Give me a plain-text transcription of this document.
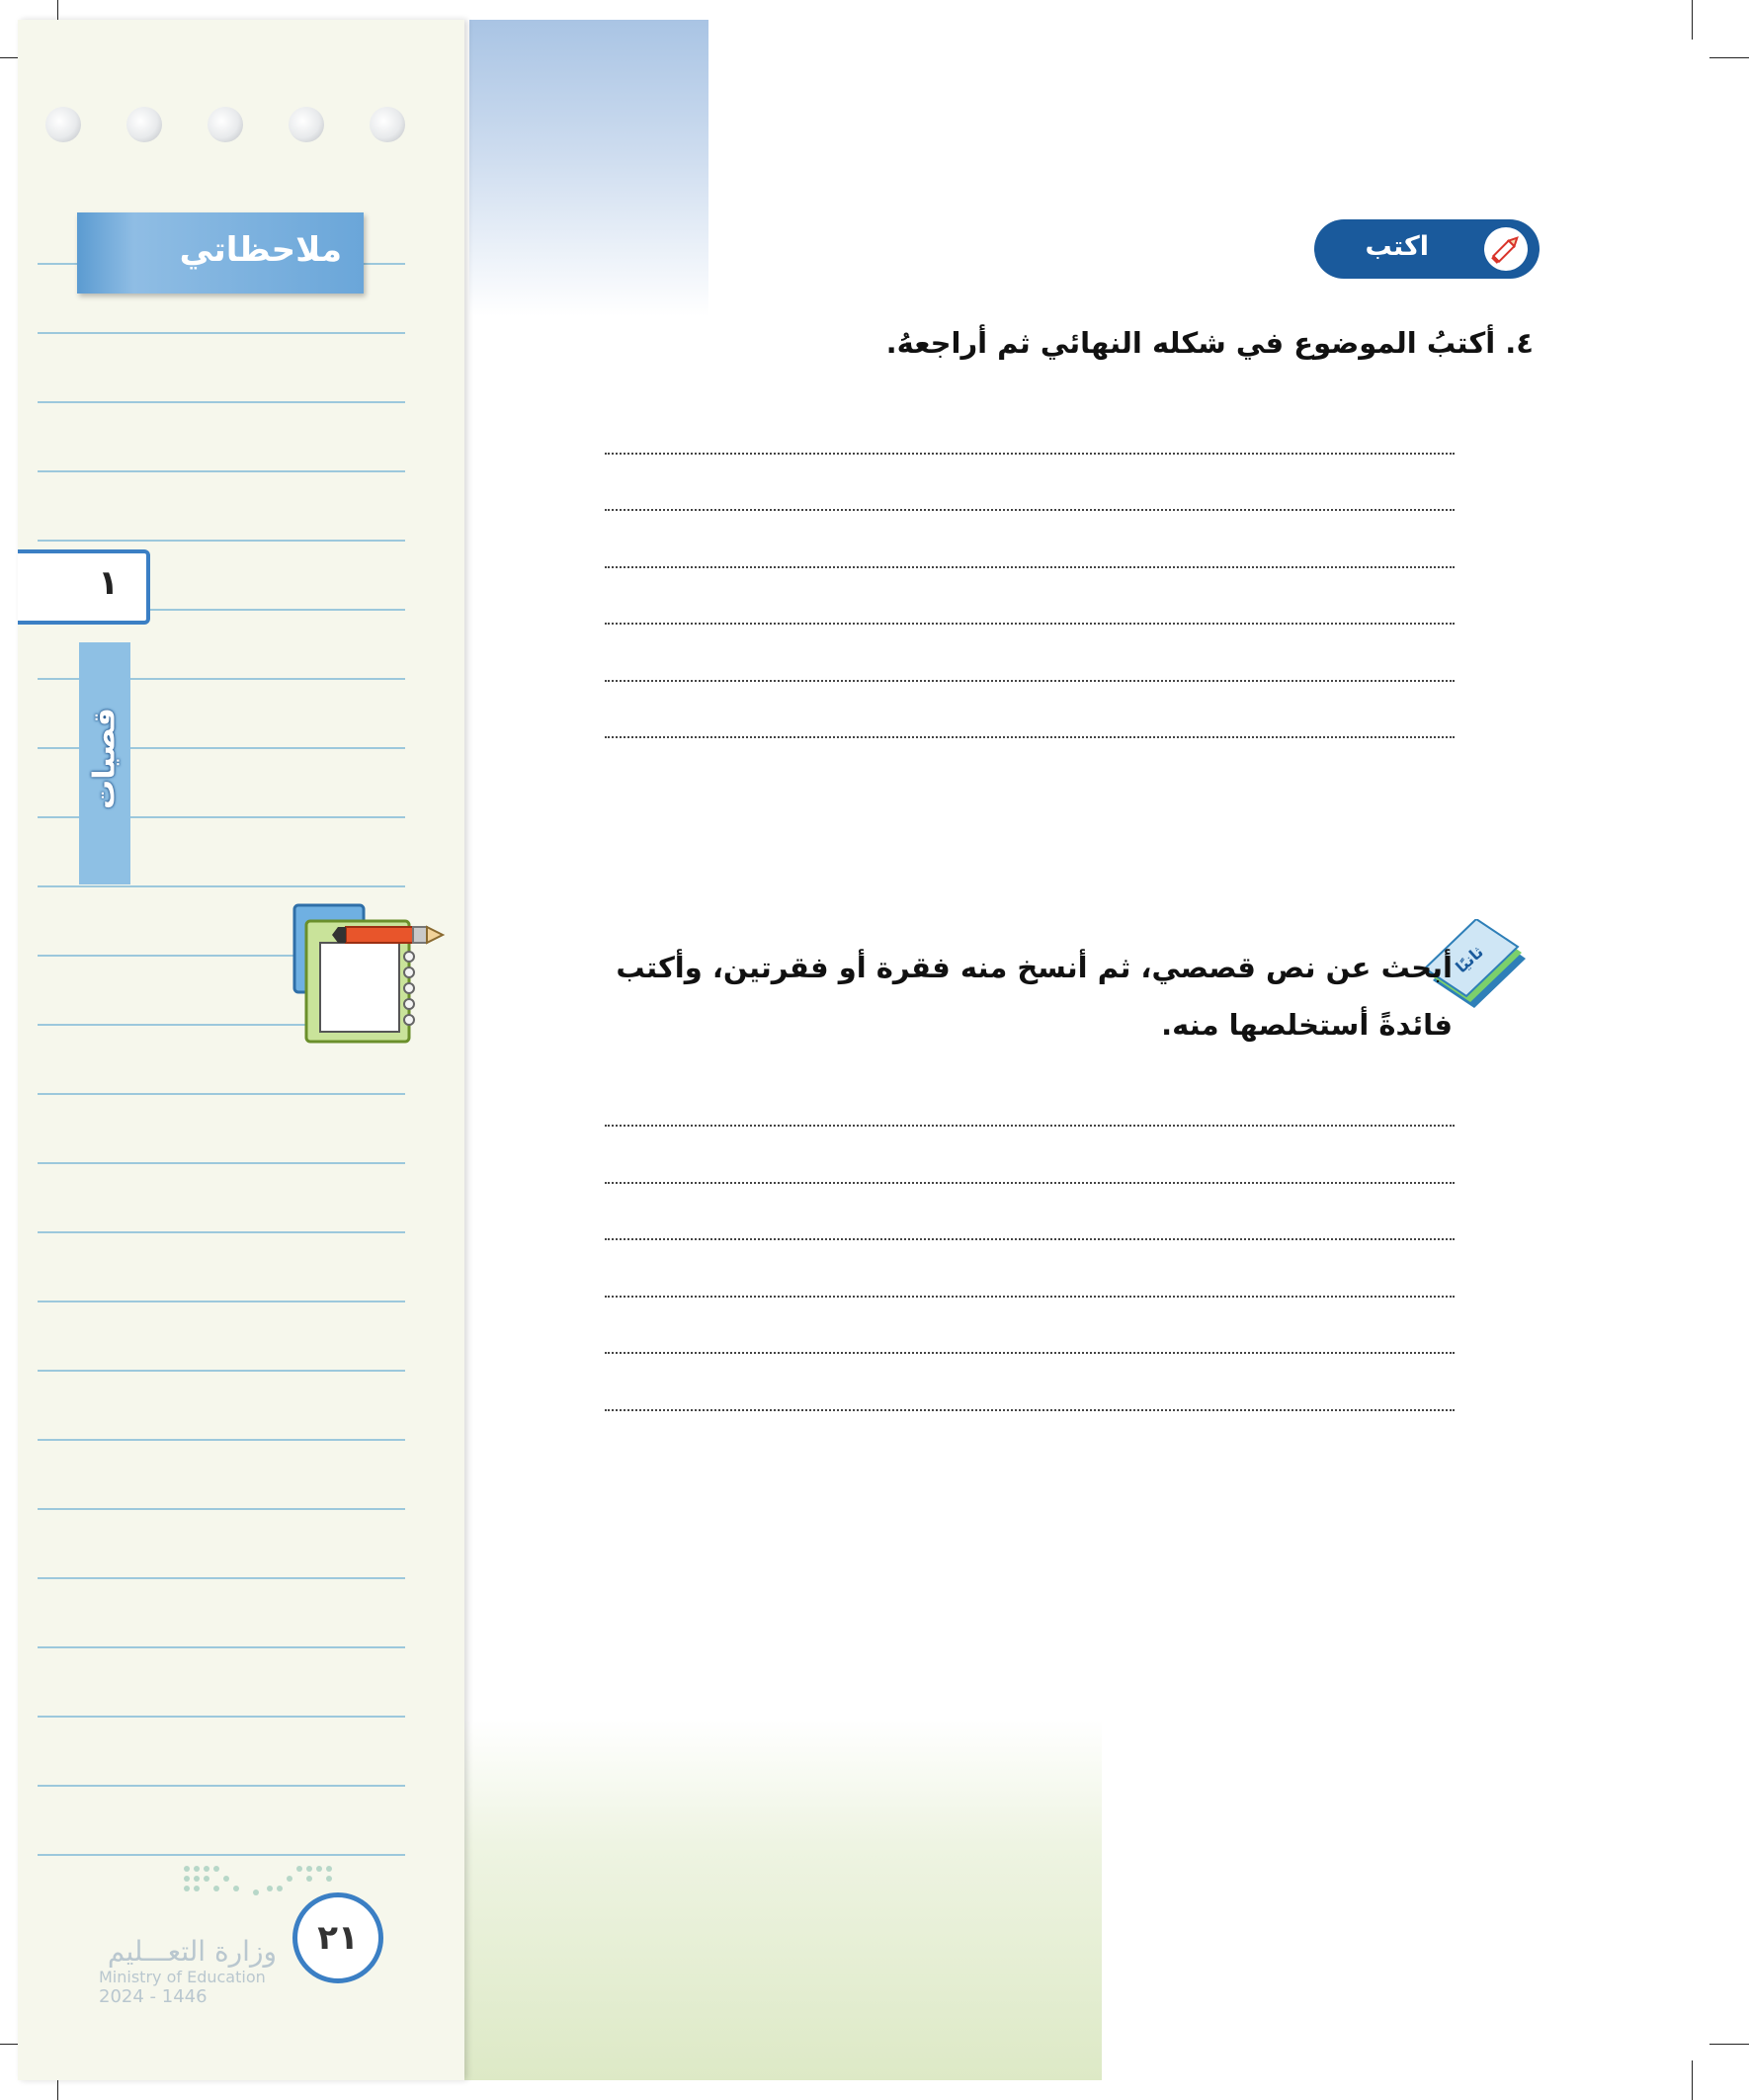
ملاحظاتي
١
قصيات
٢١
وزارة التعـــليم
Ministry of Education
2024 - 1446
اكتب
٤. أكتبُ الموضوع في شكله النهائي ثم أراجعهُ.
ثانيًا
أبحث عن نص قصصي، ثم أنسخ منه فقرة أو فقرتين، وأكتب فائدةً أستخلصها منه.
